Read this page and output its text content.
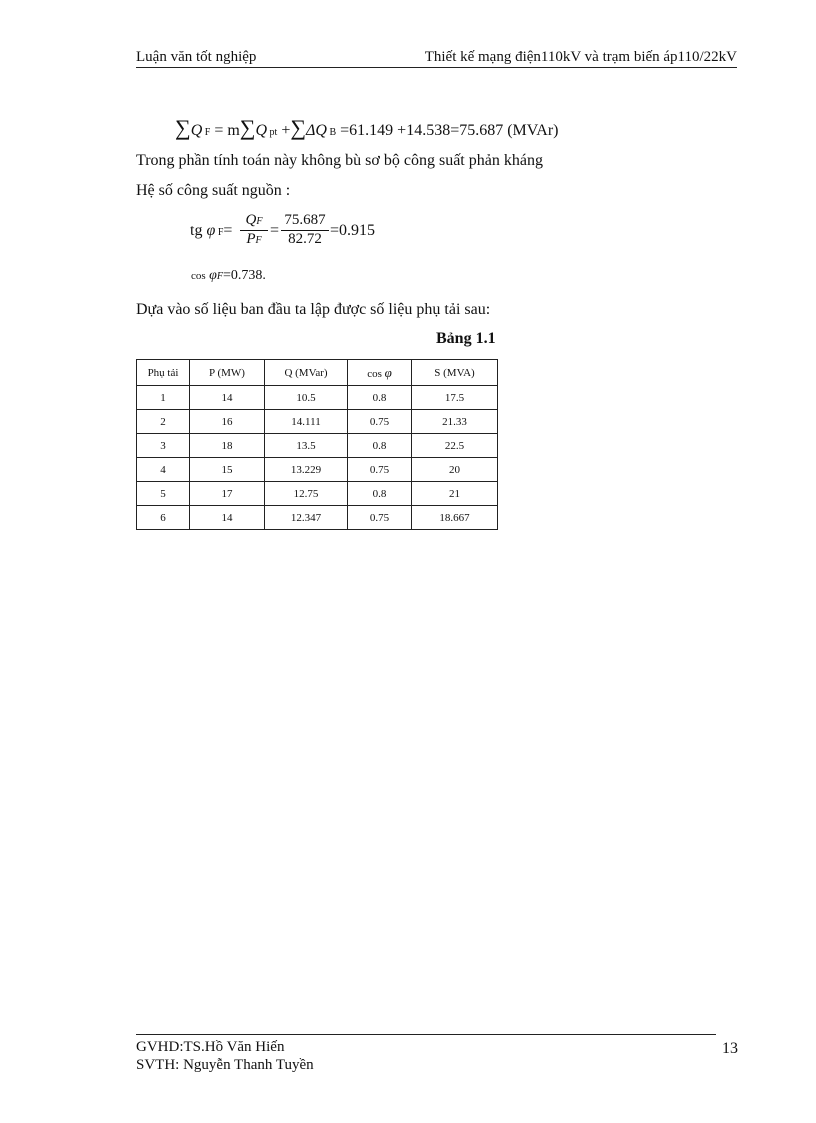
Luận văn tốt nghiệp	Thiết kế mạng điện110kV và trạm biến áp110/22kV
∑Q F = m∑Q pt +∑ΔQ B =61.149 +14.538=75.687 (MVAr)
Trong phần tính toán này không bù sơ bộ công suất phản kháng
Hệ số công suất nguồn :
tg φ F=
QF
PF
=
75.687
82.72 =0.915
cos φF=0.738.
Dựa vào số liệu ban đầu ta lập được số liệu phụ tải sau:
Bảng 1.1
Phụ tải	P (MW)	Q (MVar)	cos φ	S (MVA)
1	14	10.5	0.8	17.5
2	16	14.111	0.75	21.33
3	18	13.5	0.8	22.5
4	15	13.229	0.75	20
5	17	12.75	0.8	21
6	14	12.347	0.75	18.667
GVHD:TS.Hồ Văn Hiến
SVTH: Nguyễn Thanh Tuyền
13
